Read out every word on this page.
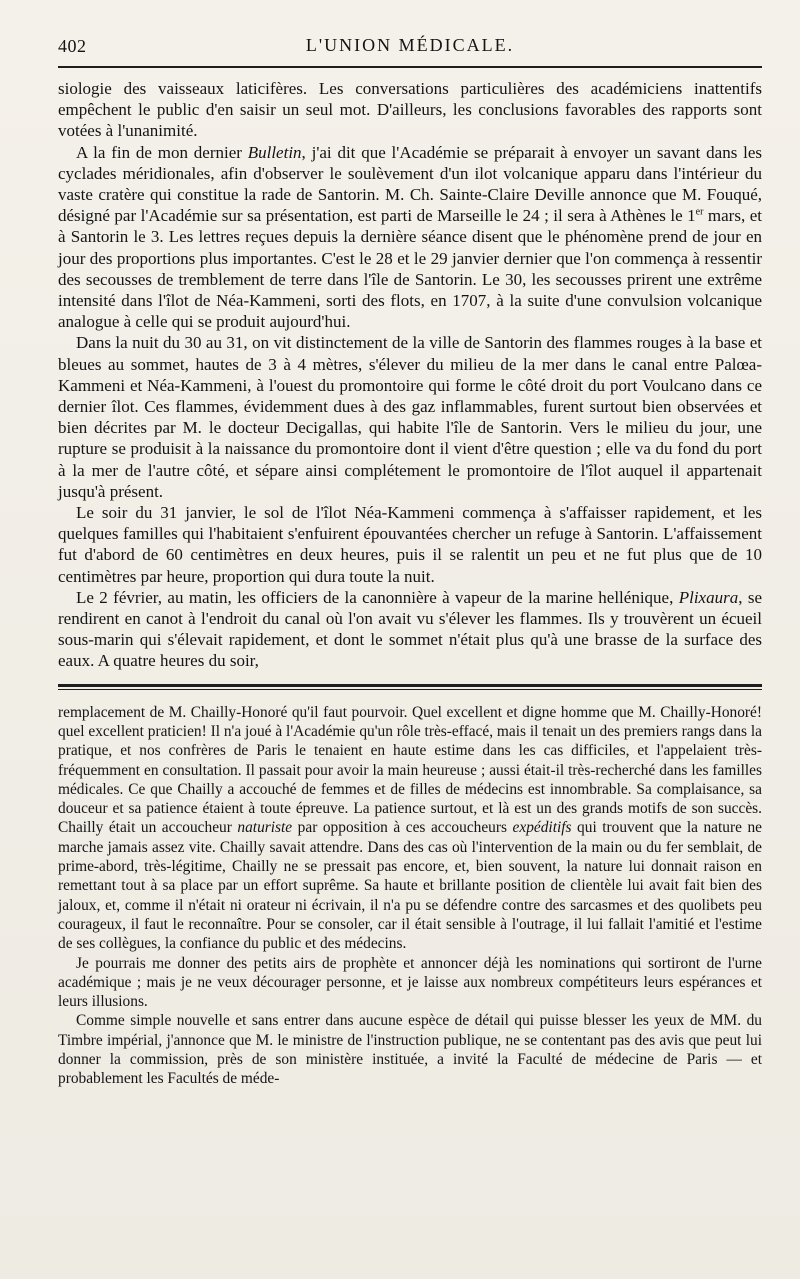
402	L'UNION MÉDICALE.

siologie des vaisseaux laticifères. Les conversations particulières des académiciens inattentifs empêchent le public d'en saisir un seul mot. D'ailleurs, les conclusions favorables des rapports sont votées à l'unanimité.

A la fin de mon dernier Bulletin, j'ai dit que l'Académie se préparait à envoyer un savant dans les cyclades méridionales, afin d'observer le soulèvement d'un ilot volcanique apparu dans l'intérieur du vaste cratère qui constitue la rade de Santorin. M. Ch. Sainte-Claire Deville annonce que M. Fouqué, désigné par l'Académie sur sa présentation, est parti de Marseille le 24 ; il sera à Athènes le 1er mars, et à Santorin le 3. Les lettres reçues depuis la dernière séance disent que le phénomène prend de jour en jour des proportions plus importantes. C'est le 28 et le 29 janvier dernier que l'on commença à ressentir des secousses de tremblement de terre dans l'île de Santorin. Le 30, les secousses prirent une extrême intensité dans l'îlot de Néa-Kammeni, sorti des flots, en 1707, à la suite d'une convulsion volcanique analogue à celle qui se produit aujourd'hui.

Dans la nuit du 30 au 31, on vit distinctement de la ville de Santorin des flammes rouges à la base et bleues au sommet, hautes de 3 à 4 mètres, s'élever du milieu de la mer dans le canal entre Palœa-Kammeni et Néa-Kammeni, à l'ouest du promontoire qui forme le côté droit du port Voulcano dans ce dernier îlot. Ces flammes, évidemment dues à des gaz inflammables, furent surtout bien observées et bien décrites par M. le docteur Decigallas, qui habite l'île de Santorin. Vers le milieu du jour, une rupture se produisit à la naissance du promontoire dont il vient d'être question ; elle va du fond du port à la mer de l'autre côté, et sépare ainsi complétement le promontoire de l'îlot auquel il appartenait jusqu'à présent.

Le soir du 31 janvier, le sol de l'îlot Néa-Kammeni commença à s'affaisser rapidement, et les quelques familles qui l'habitaient s'enfuirent épouvantées chercher un refuge à Santorin. L'affaissement fut d'abord de 60 centimètres en deux heures, puis il se ralentit un peu et ne fut plus que de 10 centimètres par heure, proportion qui dura toute la nuit.

Le 2 février, au matin, les officiers de la canonnière à vapeur de la marine hellénique, Plixaura, se rendirent en canot à l'endroit du canal où l'on avait vu s'élever les flammes. Ils y trouvèrent un écueil sous-marin qui s'élevait rapidement, et dont le sommet n'était plus qu'à une brasse de la surface des eaux. A quatre heures du soir,

remplacement de M. Chailly-Honoré qu'il faut pourvoir. Quel excellent et digne homme que M. Chailly-Honoré! quel excellent praticien! Il n'a joué à l'Académie qu'un rôle très-effacé, mais il tenait un des premiers rangs dans la pratique, et nos confrères de Paris le tenaient en haute estime dans les cas difficiles, et l'appelaient très-fréquemment en consultation. Il passait pour avoir la main heureuse ; aussi était-il très-recherché dans les familles médicales. Ce que Chailly a accouché de femmes et de filles de médecins est innombrable. Sa complaisance, sa douceur et sa patience étaient à toute épreuve. La patience surtout, et là est un des grands motifs de son succès. Chailly était un accoucheur naturiste par opposition à ces accoucheurs expéditifs qui trouvent que la nature ne marche jamais assez vite. Chailly savait attendre. Dans des cas où l'intervention de la main ou du fer semblait, de prime-abord, très-légitime, Chailly ne se pressait pas encore, et, bien souvent, la nature lui donnait raison en remettant tout à sa place par un effort suprême. Sa haute et brillante position de clientèle lui avait fait bien des jaloux, et, comme il n'était ni orateur ni écrivain, il n'a pu se défendre contre des sarcasmes et des quolibets peu courageux, il faut le reconnaître. Pour se consoler, car il était sensible à l'outrage, il lui fallait l'amitié et l'estime de ses collègues, la confiance du public et des médecins.

Je pourrais me donner des petits airs de prophète et annoncer déjà les nominations qui sortiront de l'urne académique ; mais je ne veux décourager personne, et je laisse aux nombreux compétiteurs leurs espérances et leurs illusions.

Comme simple nouvelle et sans entrer dans aucune espèce de détail qui puisse blesser les yeux de MM. du Timbre impérial, j'annonce que M. le ministre de l'instruction publique, ne se contentant pas des avis que peut lui donner la commission, près de son ministère instituée, a invité la Faculté de médecine de Paris — et probablement les Facultés de méde-
